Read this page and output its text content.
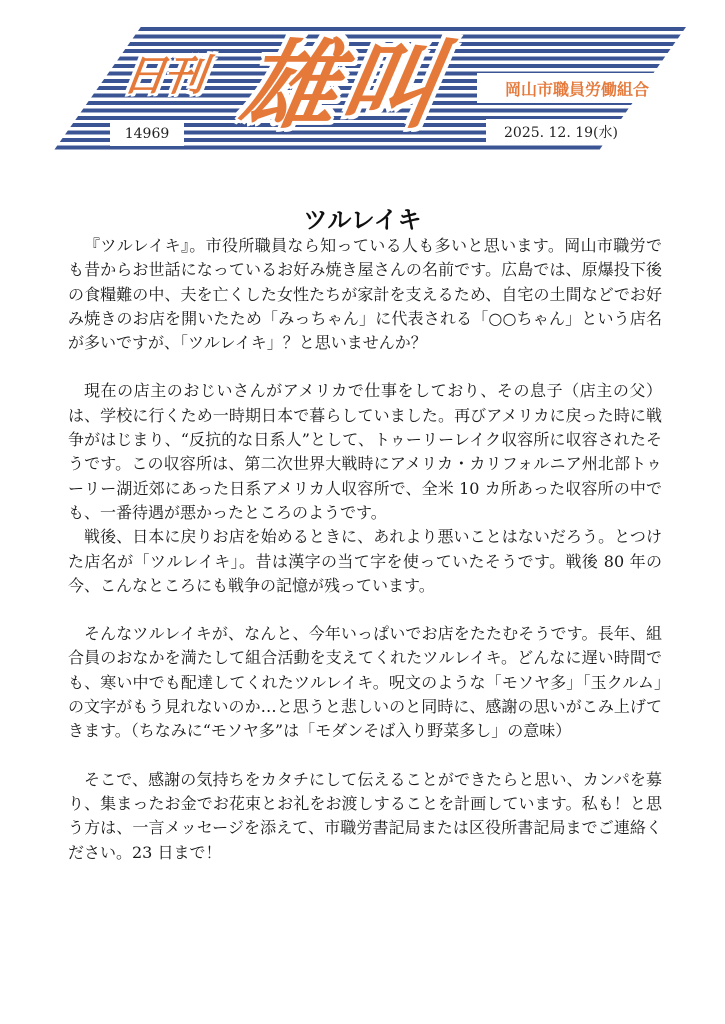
日刊 雄叫	岡山市職員労働組合
14969	2025. 12. 19(水)
ツルレイキ

『ツルレイキ』。市役所職員なら知っている人も多いと思います。岡山市職労でも昔からお世話になっているお好み焼き屋さんの名前です。広島では、原爆投下後の食糧難の中、夫を亡くした女性たちが家計を支えるため、自宅の土間などでお好み焼きのお店を開いたため「みっちゃん」に代表される「○○ちゃん」という店名が多いですが、「ツルレイキ」？と思いませんか？

現在の店主のおじいさんがアメリカで仕事をしており、その息子（店主の父）は、学校に行くため一時期日本で暮らしていました。再びアメリカに戻った時に戦争がはじまり、“反抗的な日系人”として、トゥーリーレイク収容所に収容されたそうです。この収容所は、第二次世界大戦時にアメリカ・カリフォルニア州北部トゥーリー湖近郊にあった日系アメリカ人収容所で、全米 10 カ所あった収容所の中でも、一番待遇が悪かったところのようです。

戦後、日本に戻りお店を始めるときに、あれより悪いことはないだろう。とつけた店名が「ツルレイキ」。昔は漢字の当て字を使っていたそうです。戦後 80 年の今、こんなところにも戦争の記憶が残っています。

そんなツルレイキが、なんと、今年いっぱいでお店をたたむそうです。長年、組合員のおなかを満たして組合活動を支えてくれたツルレイキ。どんなに遅い時間でも、寒い中でも配達してくれたツルレイキ。呪文のような「モソヤ多」「玉クルム」の文字がもう見れないのか…と思うと悲しいのと同時に、感謝の思いがこみ上げてきます。（ちなみに“モソヤ多”は「モダンそば入り野菜多し」の意味）

そこで、感謝の気持ちをカタチにして伝えることができたらと思い、カンパを募り、集まったお金でお花束とお礼をお渡しすることを計画しています。私も！と思う方は、一言メッセージを添えて、市職労書記局または区役所書記局までご連絡ください。23 日まで！
